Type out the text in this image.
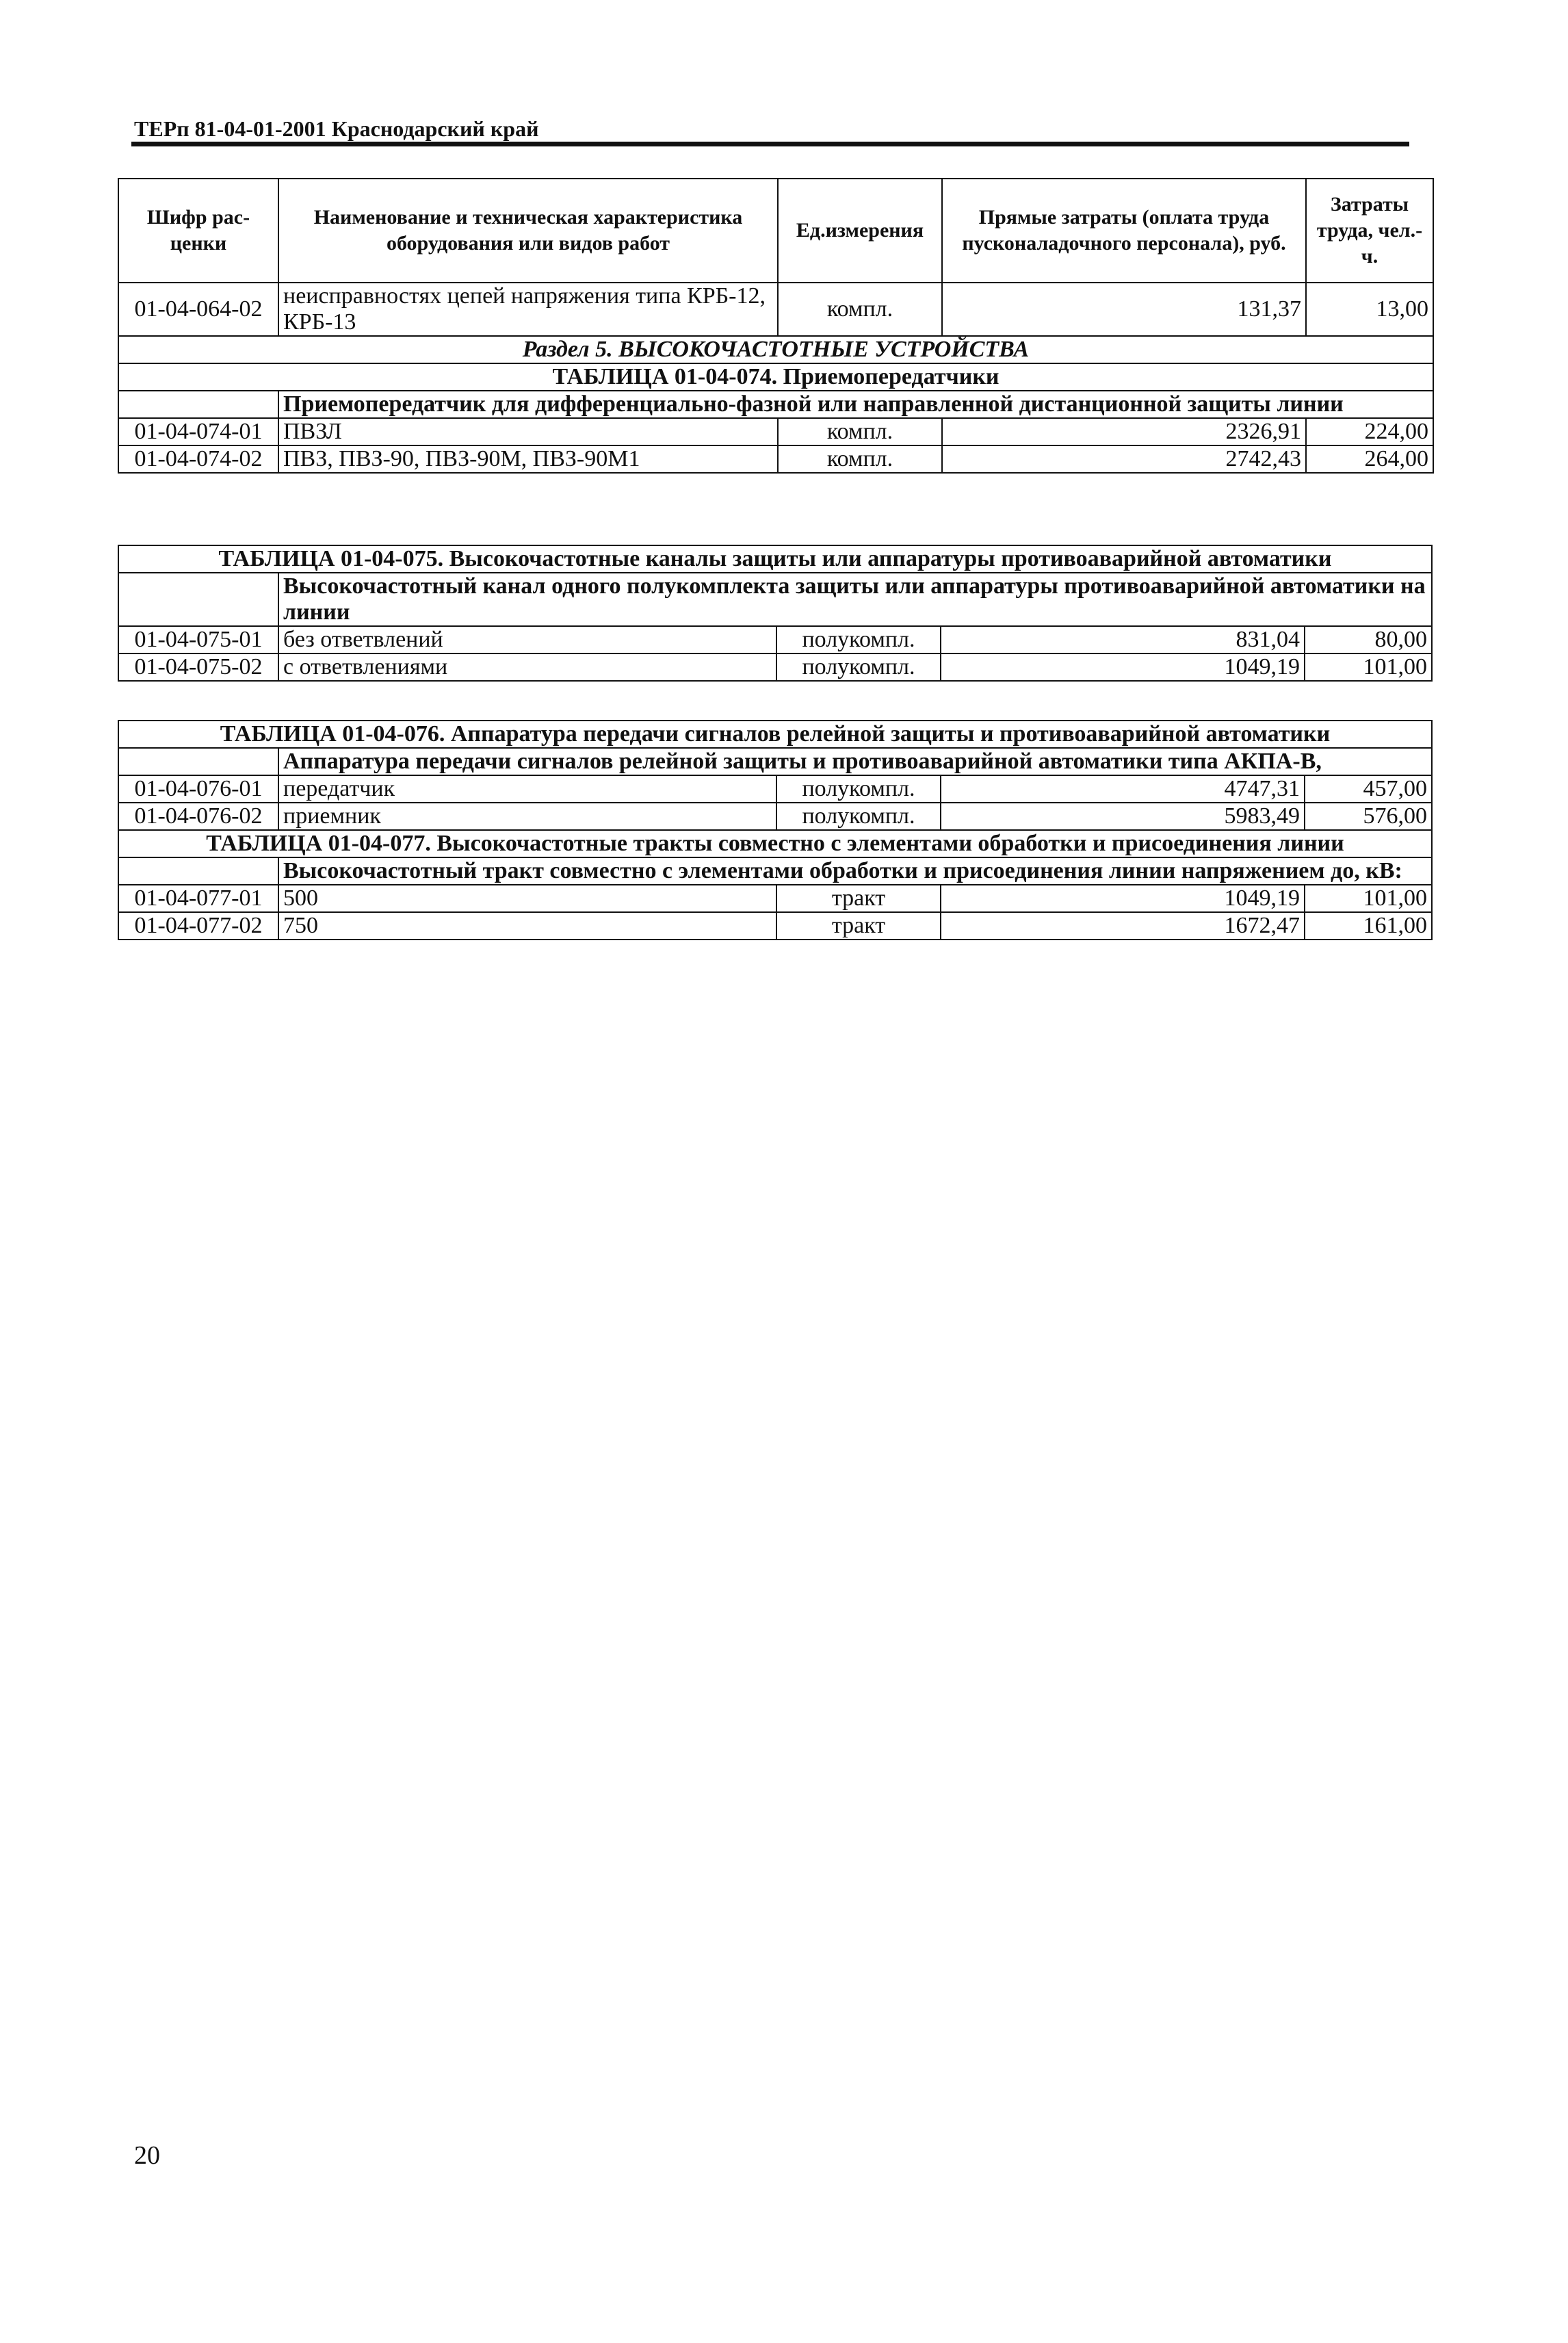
ТЕРп 81-04-01-2001 Краснодарский край
Шифр рас-ценки	Наименование и техническая характеристика оборудования или видов работ	Ед.измерения	Прямые затраты (оплата труда пусконаладочного персонала), руб.	Затраты труда, чел.-ч.
01-04-064-02	неисправностях цепей напряжения типа КРБ-12, КРБ-13	компл.	131,37	13,00
Раздел 5. ВЫСОКОЧАСТОТНЫЕ УСТРОЙСТВА				
ТАБЛИЦА 01-04-074. Приемопередатчики				
	Приемопередатчик для дифференциально-фазной или направленной дистанционной защиты линии			
01-04-074-01	ПВЗЛ	компл.	2326,91	224,00
01-04-074-02	ПВЗ, ПВЗ-90, ПВЗ-90М, ПВЗ-90М1	компл.	2742,43	264,00
ТАБЛИЦА 01-04-075. Высокочастотные каналы защиты или аппаратуры противоаварийной автоматики				
	Высокочастотный канал одного полукомплекта защиты или аппаратуры противоаварийной автоматики на линии			
01-04-075-01	без ответвлений	полукомпл.	831,04	80,00
01-04-075-02	с ответвлениями	полукомпл.	1049,19	101,00
ТАБЛИЦА 01-04-076. Аппаратура передачи сигналов релейной защиты и противоаварийной автоматики				
	Аппаратура передачи сигналов релейной защиты и противоаварийной автоматики типа АКПА-В,			
01-04-076-01	передатчик	полукомпл.	4747,31	457,00
01-04-076-02	приемник	полукомпл.	5983,49	576,00
ТАБЛИЦА 01-04-077. Высокочастотные тракты совместно с элементами обработки и присоединения линии				
	Высокочастотный тракт совместно с элементами обработки и присоединения линии напряжением до, кВ:			
01-04-077-01	500	тракт	1049,19	101,00
01-04-077-02	750	тракт	1672,47	161,00
20
